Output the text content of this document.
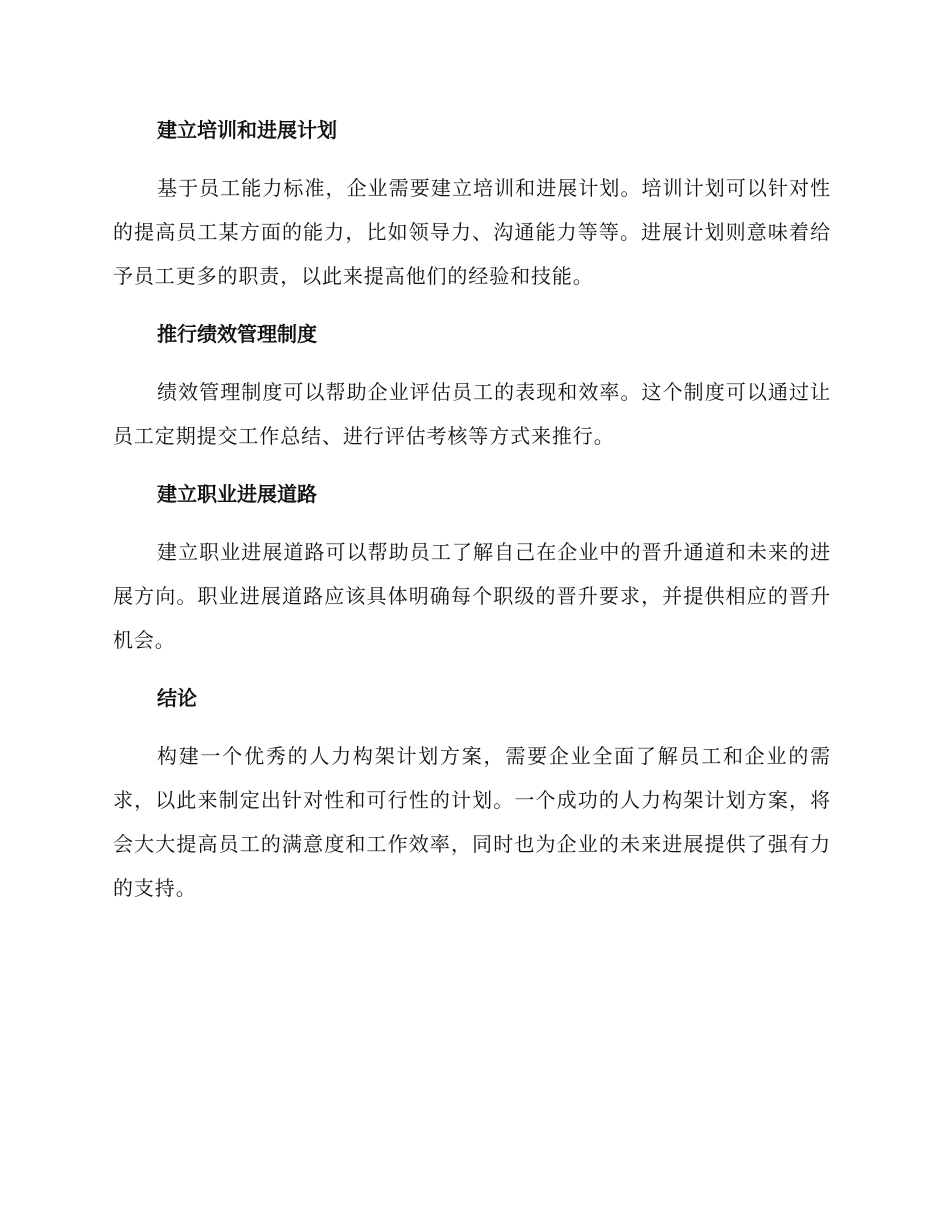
建立培训和进展计划

基于员工能力标准，企业需要建立培训和进展计划。培训计划可以针对性的提高员工某方面的能力，比如领导力、沟通能力等等。进展计划则意味着给予员工更多的职责，以此来提高他们的经验和技能。

推行绩效管理制度

绩效管理制度可以帮助企业评估员工的表现和效率。这个制度可以通过让员工定期提交工作总结、进行评估考核等方式来推行。

建立职业进展道路

建立职业进展道路可以帮助员工了解自己在企业中的晋升通道和未来的进展方向。职业进展道路应该具体明确每个职级的晋升要求，并提供相应的晋升机会。

结论

构建一个优秀的人力构架计划方案，需要企业全面了解员工和企业的需求，以此来制定出针对性和可行性的计划。一个成功的人力构架计划方案，将会大大提高员工的满意度和工作效率，同时也为企业的未来进展提供了强有力的支持。
